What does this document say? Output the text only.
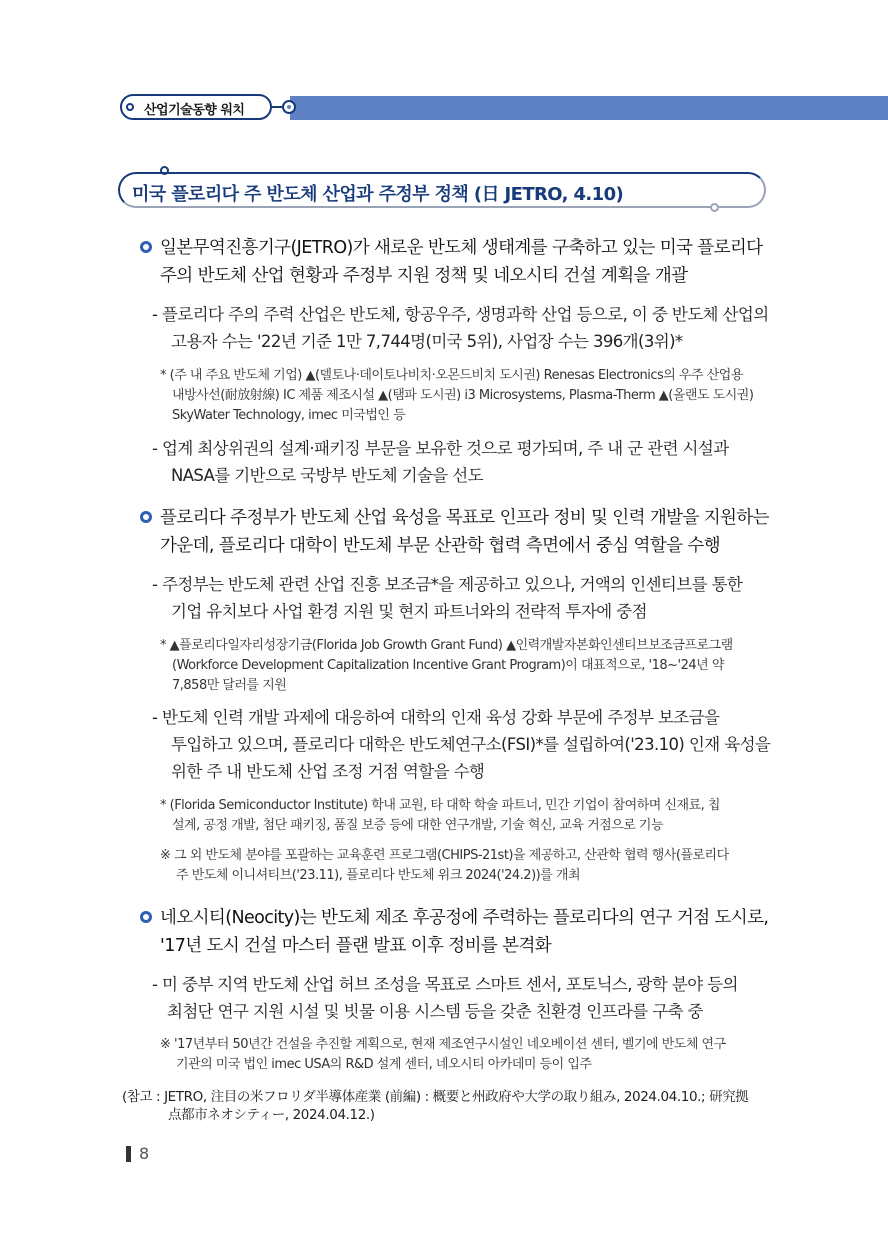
산업기술동향 워치
미국 플로리다 주 반도체 산업과 주정부 정책 (日 JETRO, 4.10)
일본무역진흥기구(JETRO)가 새로운 반도체 생태계를 구축하고 있는 미국 플로리다
주의 반도체 산업 현황과 주정부 지원 정책 및 네오시티 건설 계획을 개괄
- 플로리다 주의 주력 산업은 반도체, 항공우주, 생명과학 산업 등으로, 이 중 반도체 산업의
고용자 수는 '22년 기준 1만 7,744명(미국 5위), 사업장 수는 396개(3위)*
* (주 내 주요 반도체 기업) ▲(델토나·데이토나비치·오몬드비치 도시권) Renesas Electronics의 우주 산업용
내방사선(耐放射線) IC 제품 제조시설 ▲(탬파 도시권) i3 Microsystems, Plasma-Therm ▲(올랜도 도시권)
SkyWater Technology, imec 미국법인 등
- 업계 최상위권의 설계·패키징 부문을 보유한 것으로 평가되며, 주 내 군 관련 시설과
NASA를 기반으로 국방부 반도체 기술을 선도
플로리다 주정부가 반도체 산업 육성을 목표로 인프라 정비 및 인력 개발을 지원하는
가운데, 플로리다 대학이 반도체 부문 산관학 협력 측면에서 중심 역할을 수행
- 주정부는 반도체 관련 산업 진흥 보조금*을 제공하고 있으나, 거액의 인센티브를 통한
기업 유치보다 사업 환경 지원 및 현지 파트너와의 전략적 투자에 중점
* ▲플로리다일자리성장기금(Florida Job Growth Grant Fund) ▲인력개발자본화인센티브보조금프로그램
(Workforce Development Capitalization Incentive Grant Program)이 대표적으로, '18~'24년 약
7,858만 달러를 지원
- 반도체 인력 개발 과제에 대응하여 대학의 인재 육성 강화 부문에 주정부 보조금을
투입하고 있으며, 플로리다 대학은 반도체연구소(FSI)*를 설립하여('23.10) 인재 육성을
위한 주 내 반도체 산업 조정 거점 역할을 수행
* (Florida Semiconductor Institute) 학내 교원, 타 대학 학술 파트너, 민간 기업이 참여하며 신재료, 칩
설계, 공정 개발, 첨단 패키징, 품질 보증 등에 대한 연구개발, 기술 혁신, 교육 거점으로 기능
※ 그 외 반도체 분야를 포괄하는 교육훈련 프로그램(CHIPS-21st)을 제공하고, 산관학 협력 행사(플로리다
주 반도체 이니셔티브('23.11), 플로리다 반도체 위크 2024('24.2))를 개최
네오시티(Neocity)는 반도체 제조 후공정에 주력하는 플로리다의 연구 거점 도시로,
'17년 도시 건설 마스터 플랜 발표 이후 정비를 본격화
- 미 중부 지역 반도체 산업 허브 조성을 목표로 스마트 센서, 포토닉스, 광학 분야 등의
최첨단 연구 지원 시설 및 빗물 이용 시스템 등을 갖춘 친환경 인프라를 구축 중
※ '17년부터 50년간 건설을 추진할 계획으로, 현재 제조연구시설인 네오베이션 센터, 벨기에 반도체 연구
기관의 미국 법인 imec USA의 R&D 설계 센터, 네오시티 아카데미 등이 입주
(참고 : JETRO, 注目の米フロリダ半導体産業 (前編) : 概要と州政府や大学の取り組み, 2024.04.10.; 研究拠
点都市ネオシティー, 2024.04.12.)
8
